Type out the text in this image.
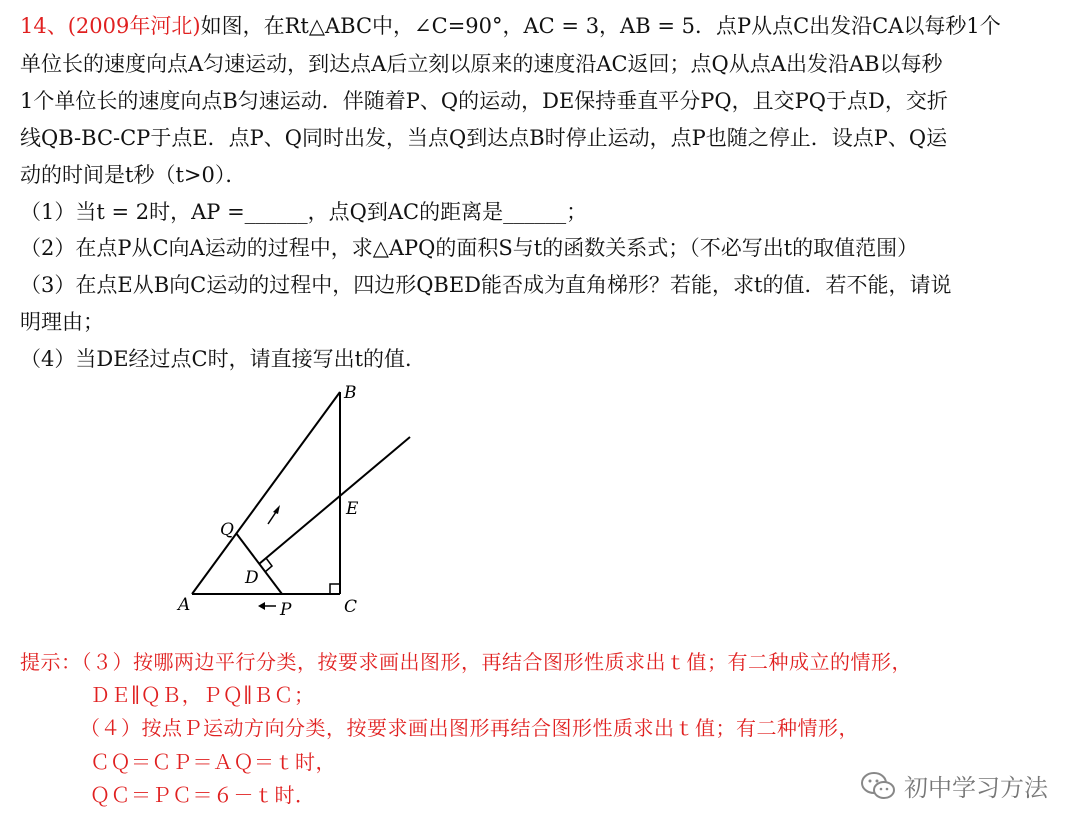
14、(2009年河北)如图，在Rt△ABC中，∠C=90°，AC = 3，AB = 5．点P从点C出发沿CA以每秒1个
单位长的速度向点A匀速运动，到达点A后立刻以原来的速度沿AC返回；点Q从点A出发沿AB以每秒
1个单位长的速度向点B匀速运动．伴随着P、Q的运动，DE保持垂直平分PQ，且交PQ于点D，交折
线QB-BC-CP于点E．点P、Q同时出发，当点Q到达点B时停止运动，点P也随之停止．设点P、Q运
动的时间是t秒（t>0）．
（1）当t = 2时，AP =______，点Q到AC的距离是______；
（2）在点P从C向A运动的过程中，求△APQ的面积S与t的函数关系式；（不必写出t的取值范围）
（3）在点E从B向C运动的过程中，四边形QBED能否成为直角梯形？若能，求t的值．若不能，请说
明理由；
（4）当DE经过点C时，请直接写出t的值．
A
B
C
D
E
P
Q
提示：（３）按哪两边平行分类，按要求画出图形，再结合图形性质求出ｔ值；有二种成立的情形，
ＤＥ∥ＱＢ，ＰＱ∥ＢＣ；
（４）按点Ｐ运动方向分类，按要求画出图形再结合图形性质求出ｔ值；有二种情形，
ＣＱ＝ＣＰ＝ＡＱ＝ｔ时，
ＱＣ＝ＰＣ＝６－ｔ时．	初中学习方法
